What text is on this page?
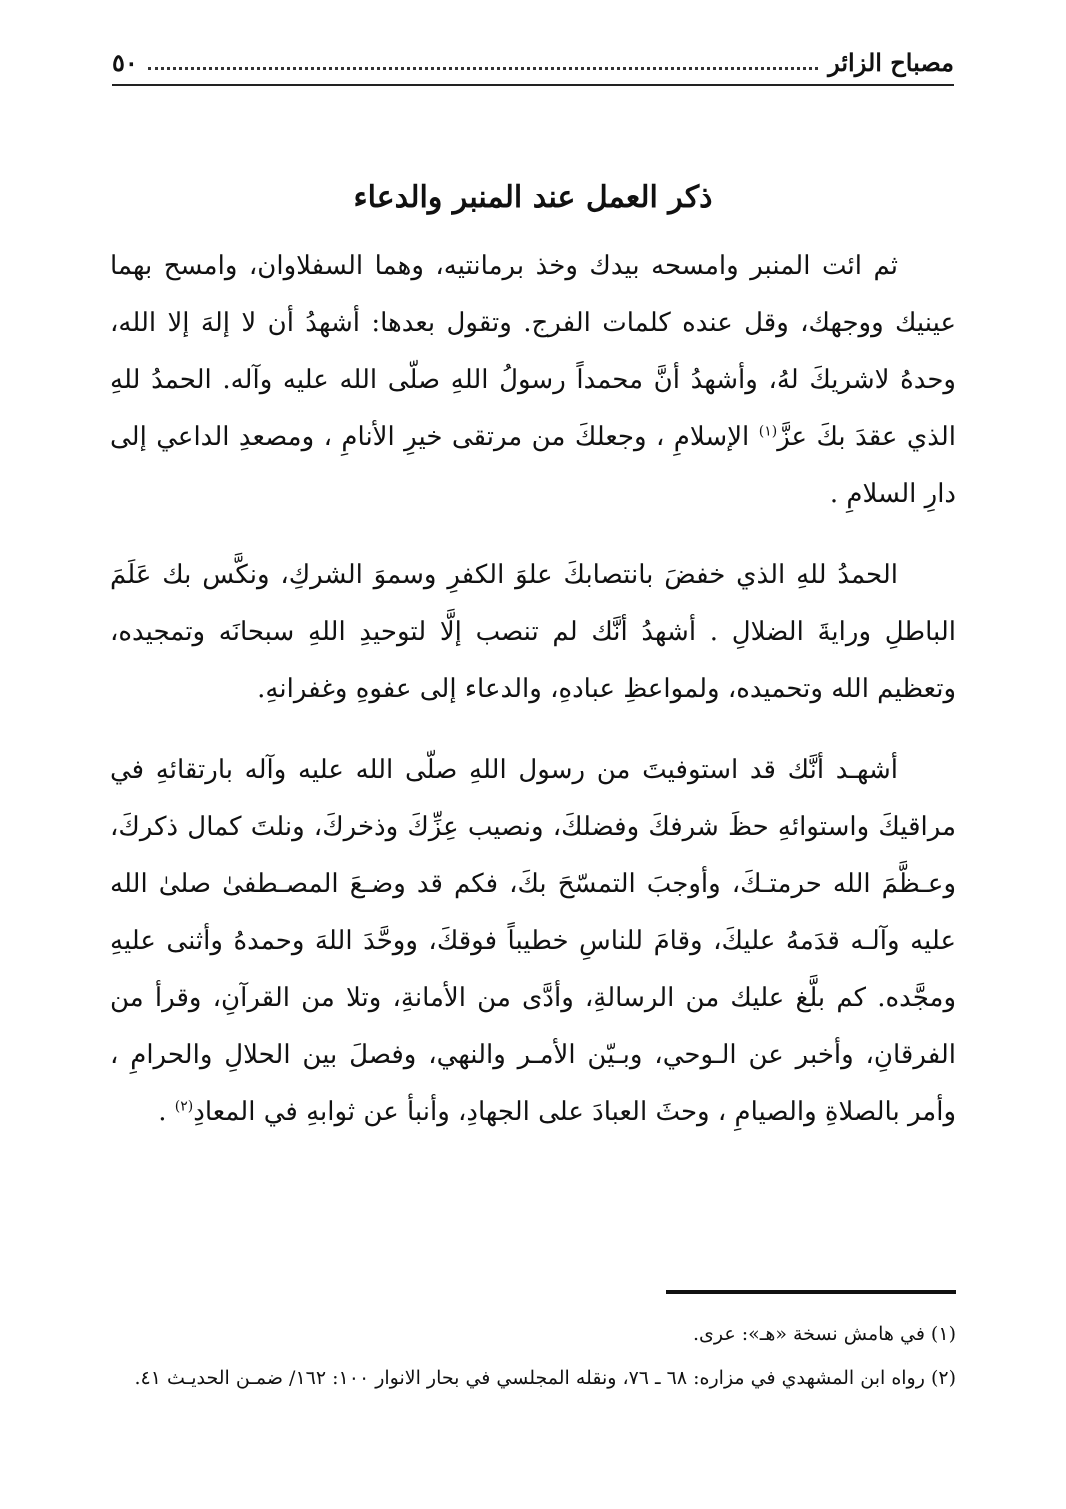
مصباح الزائر
٥٠
ذكر العمل عند المنبر والدعاء

ثم ائت المنبر وامسحه بيدك وخذ برمانتيه، وهما السفلاوان، وامسح بهما عينيك ووجهك، وقل عنده كلمات الفرج. وتقول بعدها: أشهدُ أن لا إلهَ إلا الله، وحدهُ لاشريكَ لهُ، وأشهدُ أنَّ محمداً رسولُ اللهِ صلّى الله عليه وآله. الحمدُ للهِ الذي عقدَ بكَ عزَّ$^{(١)}$ الإسلامِ ، وجعلكَ من مرتقى خيرِ الأنامِ ، ومصعدِ الداعي إلى دارِ السلامِ .

الحمدُ للهِ الذي خفضَ بانتصابكَ علوَ الكفرِ وسموَ الشركِ، ونكَّس بك عَلَمَ الباطلِ ورايةَ الضلالِ . أشهدُ أنَّك لم تنصب إلَّا لتوحيدِ اللهِ سبحانَه وتمجيده، وتعظيم الله وتحميده، ولمواعظِ عبادهِ، والدعاء إلى عفوهِ وغفرانهِ.

أشهـد أنَّك قد استوفيتَ من رسول اللهِ صلّى الله عليه وآله بارتقائهِ في مراقيكَ واستوائهِ حظَ شرفكَ وفضلكَ، ونصيب عِزِّكَ وذخركَ، ونلتَ كمال ذكركَ، وعـظَّمَ الله حرمتـكَ، وأوجبَ التمسّحَ بكَ، فكم قد وضـعَ المصـطفىٰ صلىٰ الله عليه وآلـه قدَمهُ عليكَ، وقامَ للناسِ خطيباً فوقكَ، ووحَّدَ اللهَ وحمدهُ وأثنى عليهِ ومجَّده. كم بلَّغ عليك من الرسالةِ، وأدَّى من الأمانةِ، وتلا من القرآنِ، وقرأ من الفرقانِ، وأخبر عن الـوحي، وبـيّن الأمـر والنهي، وفصلَ بين الحلالِ والحرامِ ، وأمر بالصلاةِ والصيامِ ، وحثَ العبادَ على الجهادِ، وأنبأ عن ثوابهِ في المعادِ$^{(٢)}$ .

(١) في هامش نسخة «هـ»: عرى.

(٢) رواه ابن المشهدي في مزاره: ٦٨ ـ ٧٦، ونقله المجلسي في بحار الانوار ١٠٠: ١٦٢/ ضمـن الحديـث ٤١.
